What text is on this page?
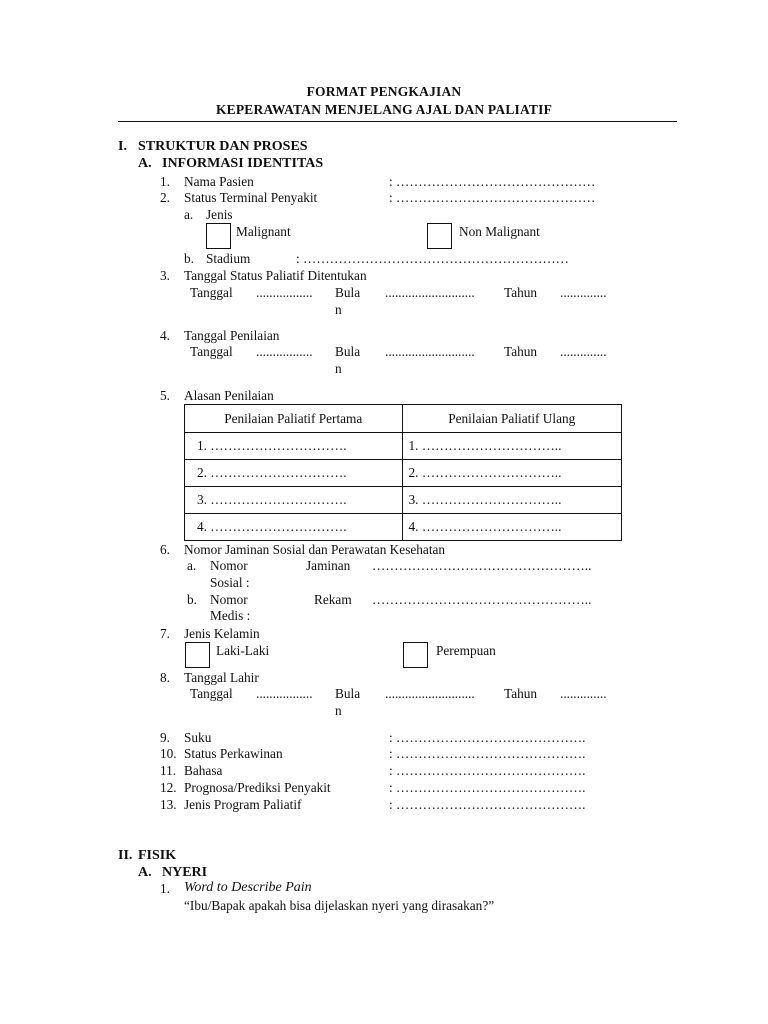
FORMAT PENGKAJIAN
KEPERAWATAN MENJELANG AJAL DAN PALIATIF
I. STRUKTUR DAN PROSES
A. INFORMASI IDENTITAS
1. Nama Pasien	: ………………………………………
2. Status Terminal Penyakit	: ………………………………………
a. Jenis
Malignant	Non Malignant
b. Stadium	: ……………………………………………………
3. Tanggal Status Paliatif Ditentukan
Tanggal ................. Bula
n
........................... Tahun ..............
4. Tanggal Penilaian
Tanggal ................. Bula
n
........................... Tahun ..............
5. Alasan Penilaian
Penilaian Paliatif Pertama	Penilaian Paliatif Ulang
1. ………………………….	1. …………………………..
2. ………………………….	2. …………………………..
3. ………………………….	3. …………………………..
4. ………………………….	4. …………………………..
6. Nomor Jaminan Sosial dan Perawatan Kesehatan
a. Nomor	Jaminan …………………………………………..
Sosial :
b. Nomor	Rekam …………………………………………..
Medis :
7. Jenis Kelamin
Laki-Laki	Perempuan
8. Tanggal Lahir
Tanggal ................. Bula
n
........................... Tahun ..............
9. Suku	: …………………………………….
10. Status Perkawinan	: …………………………………….
11. Bahasa	: …………………………………….
12. Prognosa/Prediksi Penyakit	: …………………………………….
13. Jenis Program Paliatif	: …………………………………….
II. FISIK
A. NYERI
1. Word to Describe Pain
“Ibu/Bapak apakah bisa dijelaskan nyeri yang dirasakan?”
